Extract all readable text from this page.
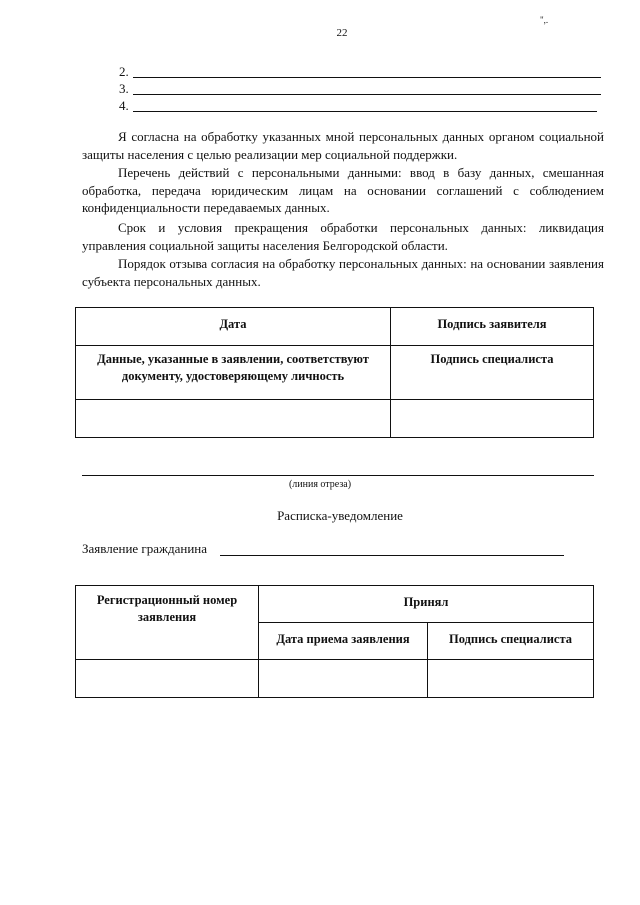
22
",.
2.
3.
4.
Я согласна на обработку указанных мной персональных данных органом социальной защиты населения с целью реализации мер социальной поддержки.
Перечень действий с персональными данными: ввод в базу данных, смешанная обработка, передача юридическим лицам на основании соглашений с соблюдением конфиденциальности передаваемых данных.
Срок и условия прекращения обработки персональных данных: ликвидация управления социальной защиты населения Белгородской области.
Порядок отзыва согласия на обработку персональных данных: на основании заявления субъекта персональных данных.
Дата	Подпись заявителя
Данные, указанные в заявлении, соответствуют документу, удостоверяющему личность	Подпись специалиста

(линия отреза)
Расписка-уведомление
Заявление гражданина
Регистрационный номер заявления	Принял	
	Дата приема заявления	Подпись специалиста
